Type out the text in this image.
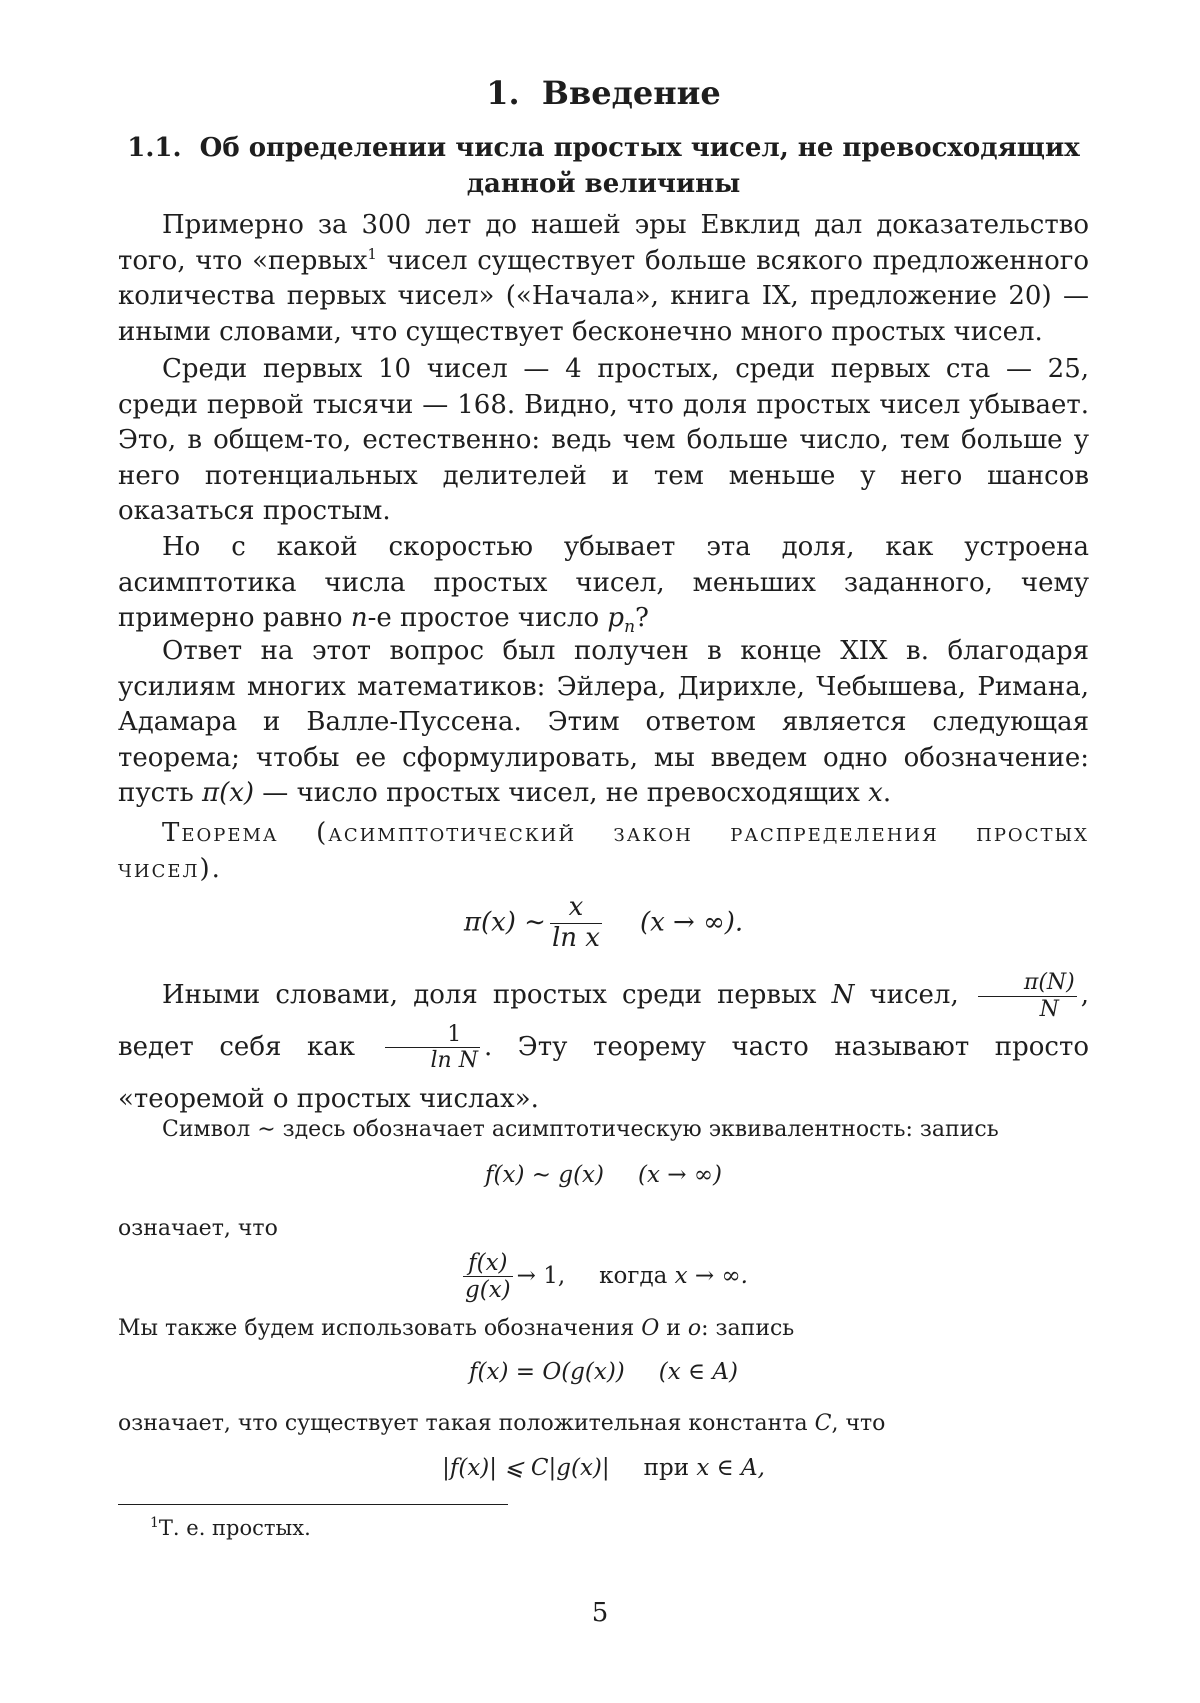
1. Введение
1.1. Об определении числа простых чисел, не превосходящих
данной величины

Примерно за 300 лет до нашей эры Евклид дал доказательство того, что «первых1 чисел существует больше всякого предложенного количества первых чисел» («Начала», книга IX, предложение 20) — иными словами, что существует бесконечно много простых чисел.

Среди первых 10 чисел — 4 простых, среди первых ста — 25, среди первой тысячи — 168. Видно, что доля простых чисел убывает. Это, в общем-то, естественно: ведь чем больше число, тем больше у него потенциальных делителей и тем меньше у него шансов оказаться простым.

Но с какой скоростью убывает эта доля, как устроена асимптотика числа простых чисел, меньших заданного, чему примерно равно n-е простое число pn?

Ответ на этот вопрос был получен в конце XIX в. благодаря усилиям многих математиков: Эйлера, Дирихле, Чебышева, Римана, Адамара и Валле-Пуссена. Этим ответом является следующая теорема; чтобы ее сформулировать, мы введем одно обозначение: пусть π(x) — число простых чисел, не превосходящих x.

Теорема (асимптотический закон распределения простых чисел).

π(x) ∼
x
ln x
(x → ∞).

Иными словами, доля простых среди первых N чисел,	π(N)
N , ведет себя как	1
ln N . Эту теорему часто называют просто «теоремой о простых числах».

Символ ∼ здесь обозначает асимптотическую эквивалентность: запись

f(x) ∼ g(x) (x → ∞)

означает, что

f(x)
g(x)
→ 1, когда x → ∞.

Мы также будем использовать обозначения O и o: запись

f(x) = O(g(x)) (x ∈ A)

означает, что существует такая положительная константа C, что

|f(x)| ⩽ C|g(x)| при x ∈ A,
1Т. е. простых.
5
